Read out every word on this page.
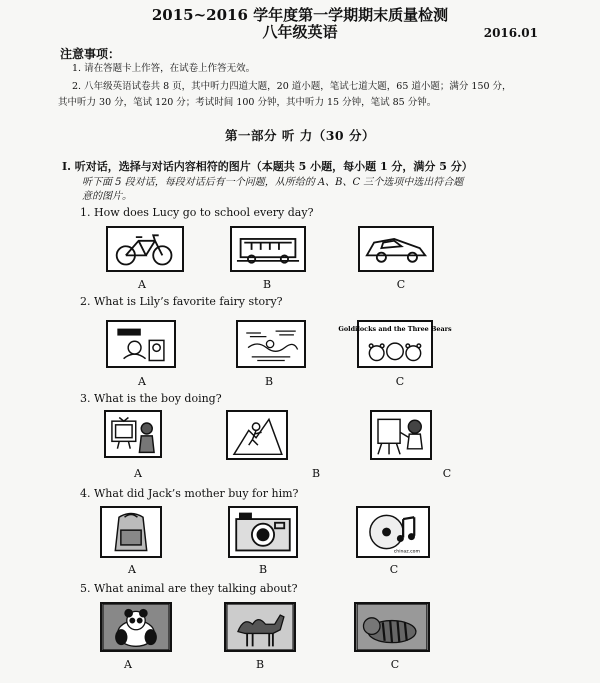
2015~2016 学年度第一学期期末质量检测
八年级英语	2016.01
注意事项：
1. 请在答题卡上作答，在试卷上作答无效。
2. 八年级英语试卷共 8 页，其中听力四道大题，20 道小题，笔试七道大题，65 道小题；满分 150 分，
其中听力 30 分，笔试 120 分；考试时间 100 分钟，其中听力 15 分钟，笔试 85 分钟。
第一部分 听 力（30 分）
Ⅰ. 听对话，选择与对话内容相符的图片（本题共 5 小题，每小题 1 分，满分 5 分）
听下面 5 段对话，每段对话后有一个问题，从所给的 A、B、C 三个选项中选出符合题
意的图片。
1. How does Lucy go to school every day?
A	B	C
2. What is Lily’s favorite fairy story?
Goldilocks and the Three Bears
A	B	C
3. What is the boy doing?
A	B	C
4. What did Jack’s mother buy for him?
chinaz.com
A	B	C
5. What animal are they talking about?
A	B	C
